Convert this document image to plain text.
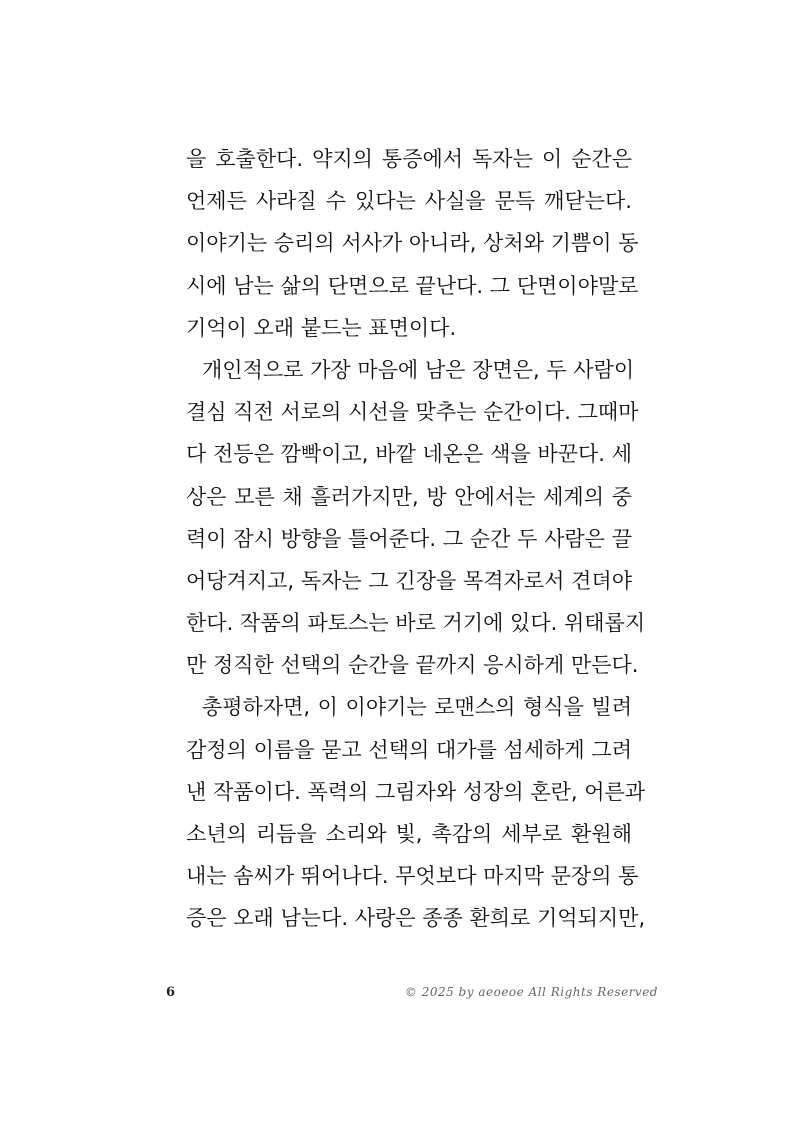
을 호출한다. 약지의 통증에서 독자는 이 순간은
언제든 사라질 수 있다는 사실을 문득 깨닫는다.
이야기는 승리의 서사가 아니라, 상처와 기쁨이 동
시에 남는 삶의 단면으로 끝난다. 그 단면이야말로
기억이 오래 붙드는 표면이다.
개인적으로 가장 마음에 남은 장면은, 두 사람이
결심 직전 서로의 시선을 맞추는 순간이다. 그때마
다 전등은 깜빡이고, 바깥 네온은 색을 바꾼다. 세
상은 모른 채 흘러가지만, 방 안에서는 세계의 중
력이 잠시 방향을 틀어준다. 그 순간 두 사람은 끌
어당겨지고, 독자는 그 긴장을 목격자로서 견뎌야
한다. 작품의 파토스는 바로 거기에 있다. 위태롭지
만 정직한 선택의 순간을 끝까지 응시하게 만든다.
총평하자면, 이 이야기는 로맨스의 형식을 빌려
감정의 이름을 묻고 선택의 대가를 섬세하게 그려
낸 작품이다. 폭력의 그림자와 성장의 혼란, 어른과
소년의 리듬을 소리와 빛, 촉감의 세부로 환원해
내는 솜씨가 뛰어나다. 무엇보다 마지막 문장의 통
증은 오래 남는다. 사랑은 종종 환희로 기억되지만,
6	© 2025 by aeoeoe All Rights Reserved
